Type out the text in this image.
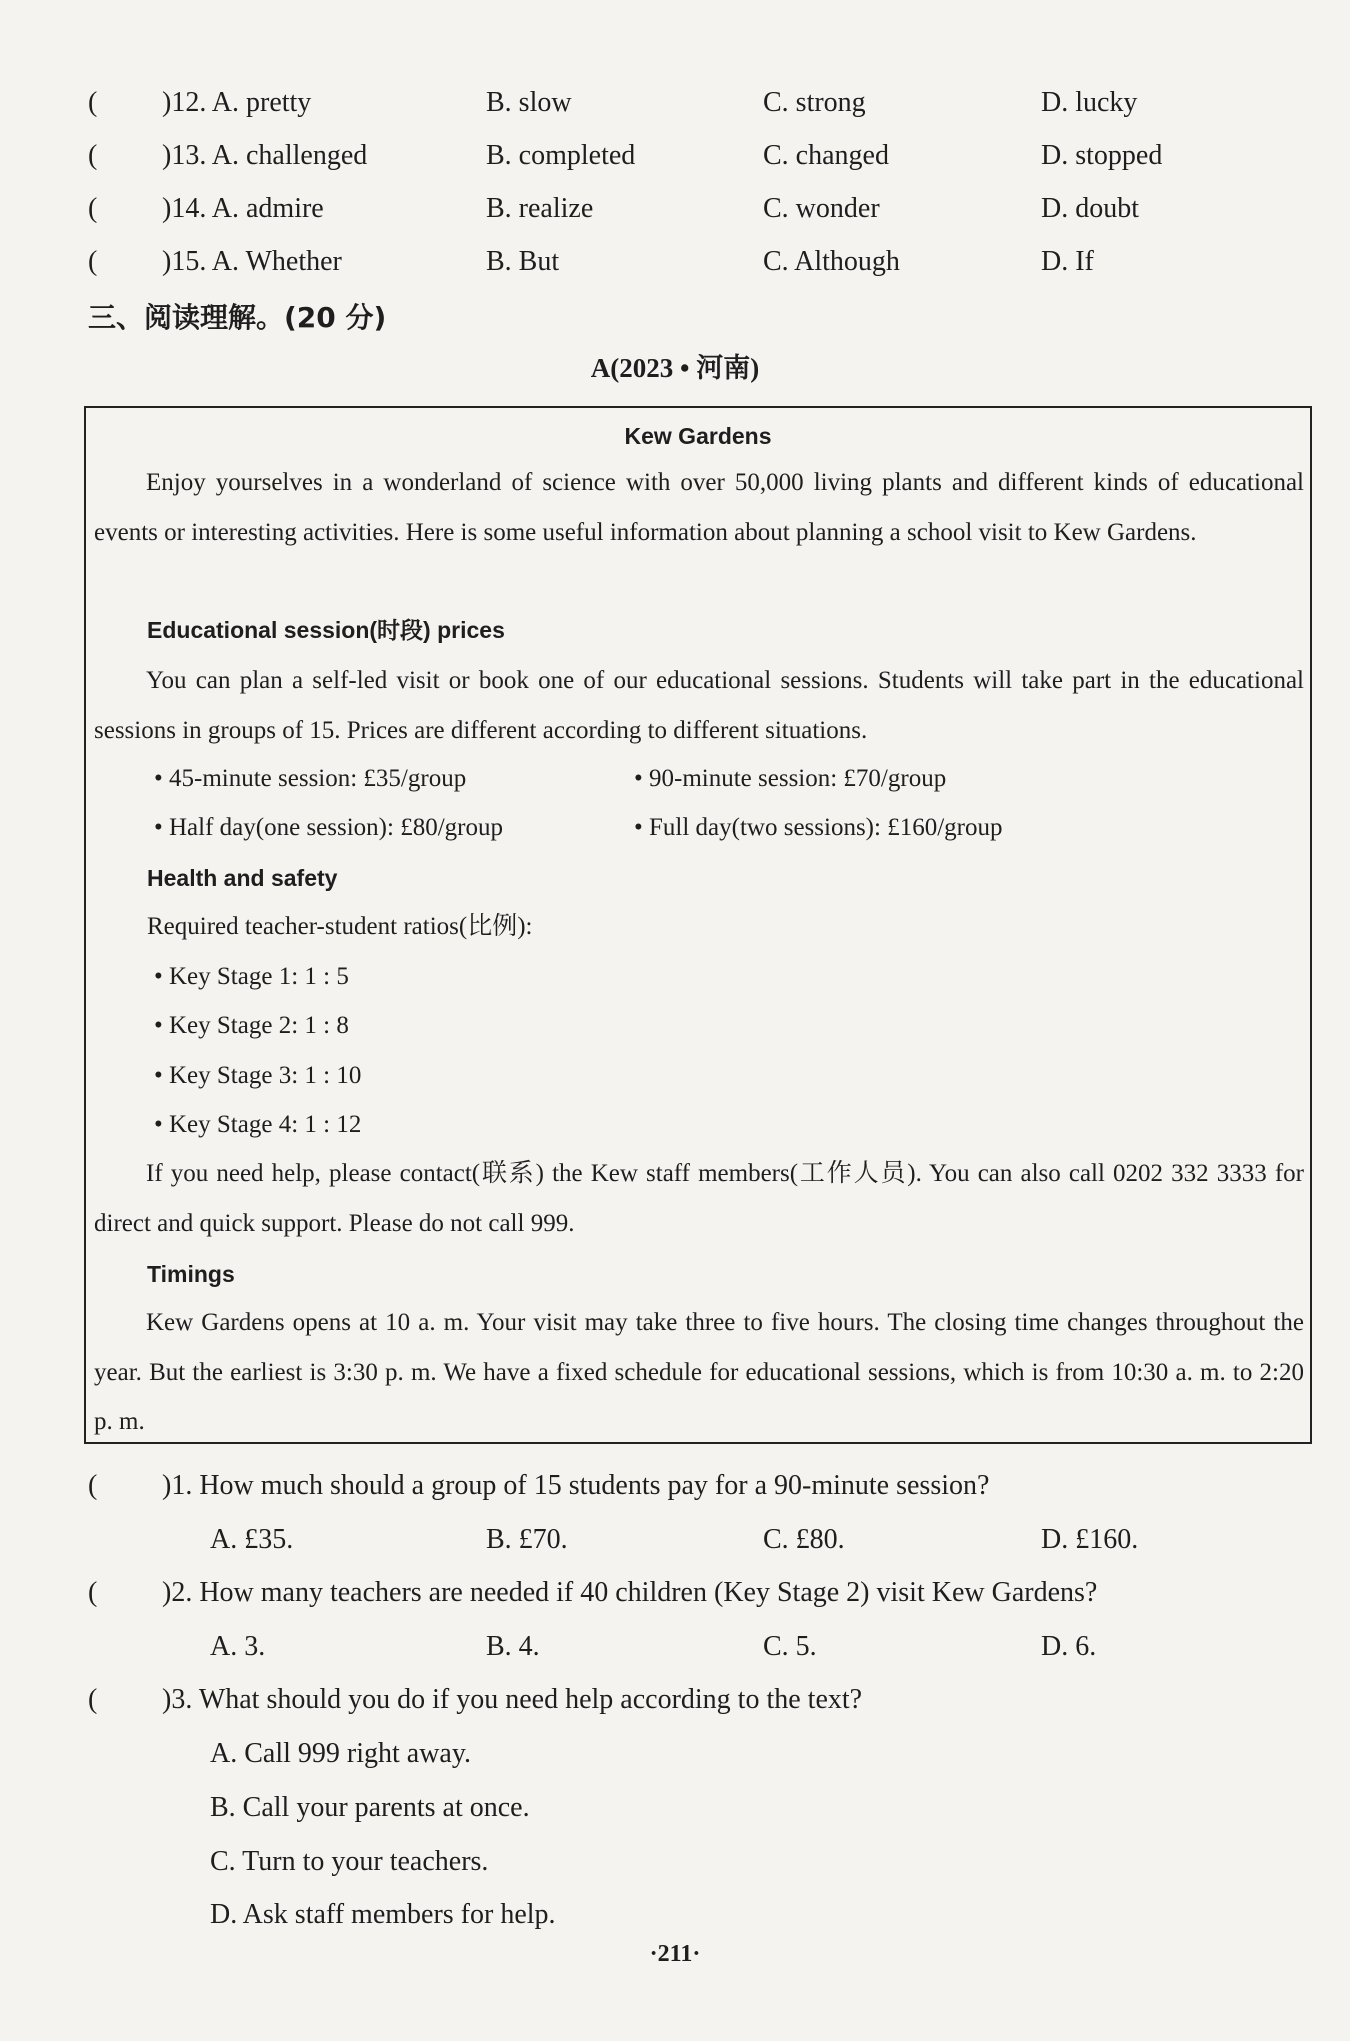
( )12. A. pretty	B. slow	C. strong	D. lucky
( )13. A. challenged	B. completed	C. changed	D. stopped
( )14. A. admire	B. realize	C. wonder	D. doubt
( )15. A. Whether	B. But	C. Although	D. If
三、阅读理解。(20 分)
A(2023 • 河南)
Kew Gardens
Enjoy yourselves in a wonderland of science with over 50,000 living plants and different kinds of educational events or interesting activities. Here is some useful information about planning a school visit to Kew Gardens.
Educational session(时段) prices
You can plan a self-led visit or book one of our educational sessions. Students will take part in the educational sessions in groups of 15. Prices are different according to different situations.
• 45-minute session: £35/group	• 90-minute session: £70/group
• Half day(one session): £80/group	• Full day(two sessions): £160/group
Health and safety
Required teacher-student ratios(比例):
• Key Stage 1: 1 : 5
• Key Stage 2: 1 : 8
• Key Stage 3: 1 : 10
• Key Stage 4: 1 : 12
If you need help, please contact(联系) the Kew staff members(工作人员). You can also call 0202 332 3333 for direct and quick support. Please do not call 999.
Timings
Kew Gardens opens at 10 a. m. Your visit may take three to five hours. The closing time changes throughout the year. But the earliest is 3:30 p. m. We have a fixed schedule for educational sessions, which is from 10:30 a. m. to 2:20 p. m.
( )1. How much should a group of 15 students pay for a 90-minute session?
A. £35.	B. £70.	C. £80.	D. £160.
( )2. How many teachers are needed if 40 children (Key Stage 2) visit Kew Gardens?
A. 3.	B. 4.	C. 5.	D. 6.
( )3. What should you do if you need help according to the text?
A. Call 999 right away.
B. Call your parents at once.
C. Turn to your teachers.
D. Ask staff members for help.
·211·
